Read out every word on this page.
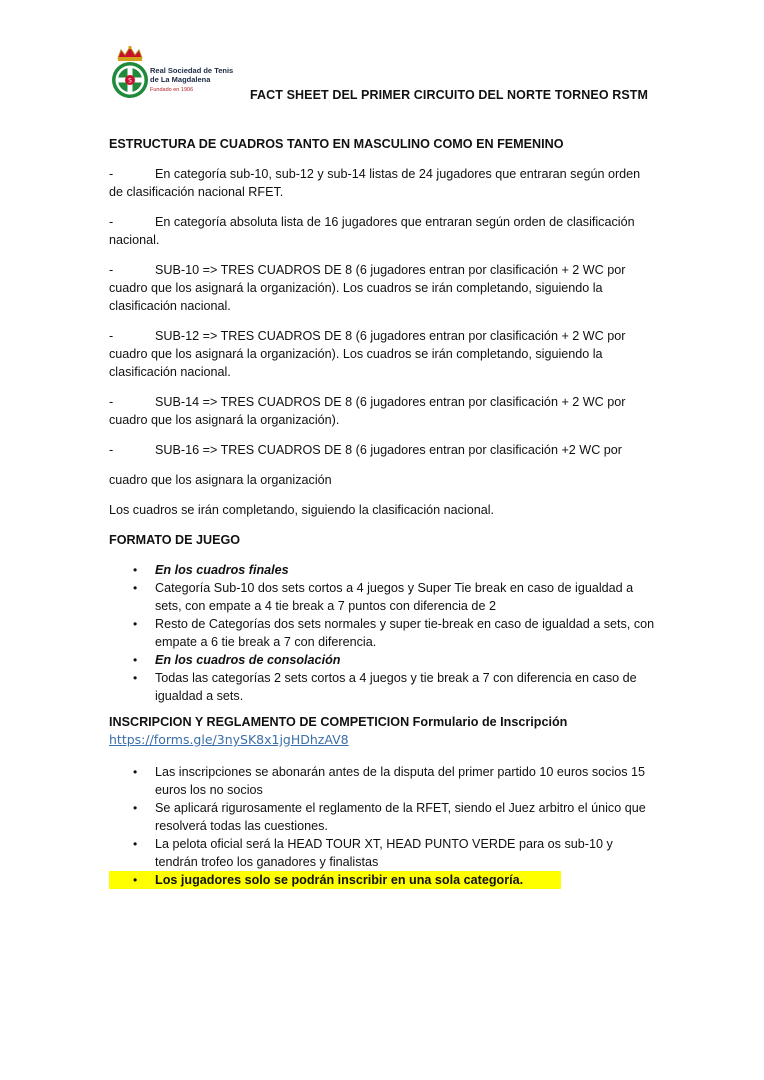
S
Real Sociedad de Tenis
de La Magdalena
Fundado en 1906	FACT SHEET DEL PRIMER CIRCUITO DEL NORTE TORNEO RSTM
ESTRUCTURA DE CUADROS TANTO EN MASCULINO COMO EN FEMENINO
-	En categoría sub-10, sub-12 y sub-14 listas de 24 jugadores que entraran según orden de clasificación nacional RFET.
-	En categoría absoluta lista de 16 jugadores que entraran según orden de clasificación nacional.
-	SUB-10 => TRES CUADROS DE 8 (6 jugadores entran por clasificación + 2 WC por cuadro que los asignará la organización). Los cuadros se irán completando, siguiendo la clasificación nacional.
-	SUB-12 => TRES CUADROS DE 8 (6 jugadores entran por clasificación + 2 WC por cuadro que los asignará la organización). Los cuadros se irán completando, siguiendo la clasificación nacional.
-	SUB-14 => TRES CUADROS DE 8 (6 jugadores entran por clasificación + 2 WC por cuadro que los asignará la organización).
-	SUB-16 => TRES CUADROS DE 8 (6 jugadores entran por clasificación +2 WC por
cuadro que los asignara la organización
Los cuadros se irán completando, siguiendo la clasificación nacional.
FORMATO DE JUEGO
• En los cuadros finales
• Categoría Sub-10 dos sets cortos a 4 juegos y Super Tie break en caso de igualdad a sets, con empate a 4 tie break a 7 puntos con diferencia de 2
• Resto de Categorías dos sets normales y super tie-break en caso de igualdad a sets, con empate a 6 tie break a 7 con diferencia.
• En los cuadros de consolación
• Todas las categorías 2 sets cortos a 4 juegos y tie break a 7 con diferencia en caso de igualdad a sets.
INSCRIPCION Y REGLAMENTO DE COMPETICION Formulario de Inscripción
https://forms.gle/3nySK8x1jgHDhzAV8
• Las inscripciones se abonarán antes de la disputa del primer partido 10 euros socios 15 euros los no socios
• Se aplicará rigurosamente el reglamento de la RFET, siendo el Juez arbitro el único que resolverá todas las cuestiones.
• La pelota oficial será la HEAD TOUR XT, HEAD PUNTO VERDE para os sub-10 y tendrán trofeo los ganadores y finalistas
• Los jugadores solo se podrán inscribir en una sola categoría.
